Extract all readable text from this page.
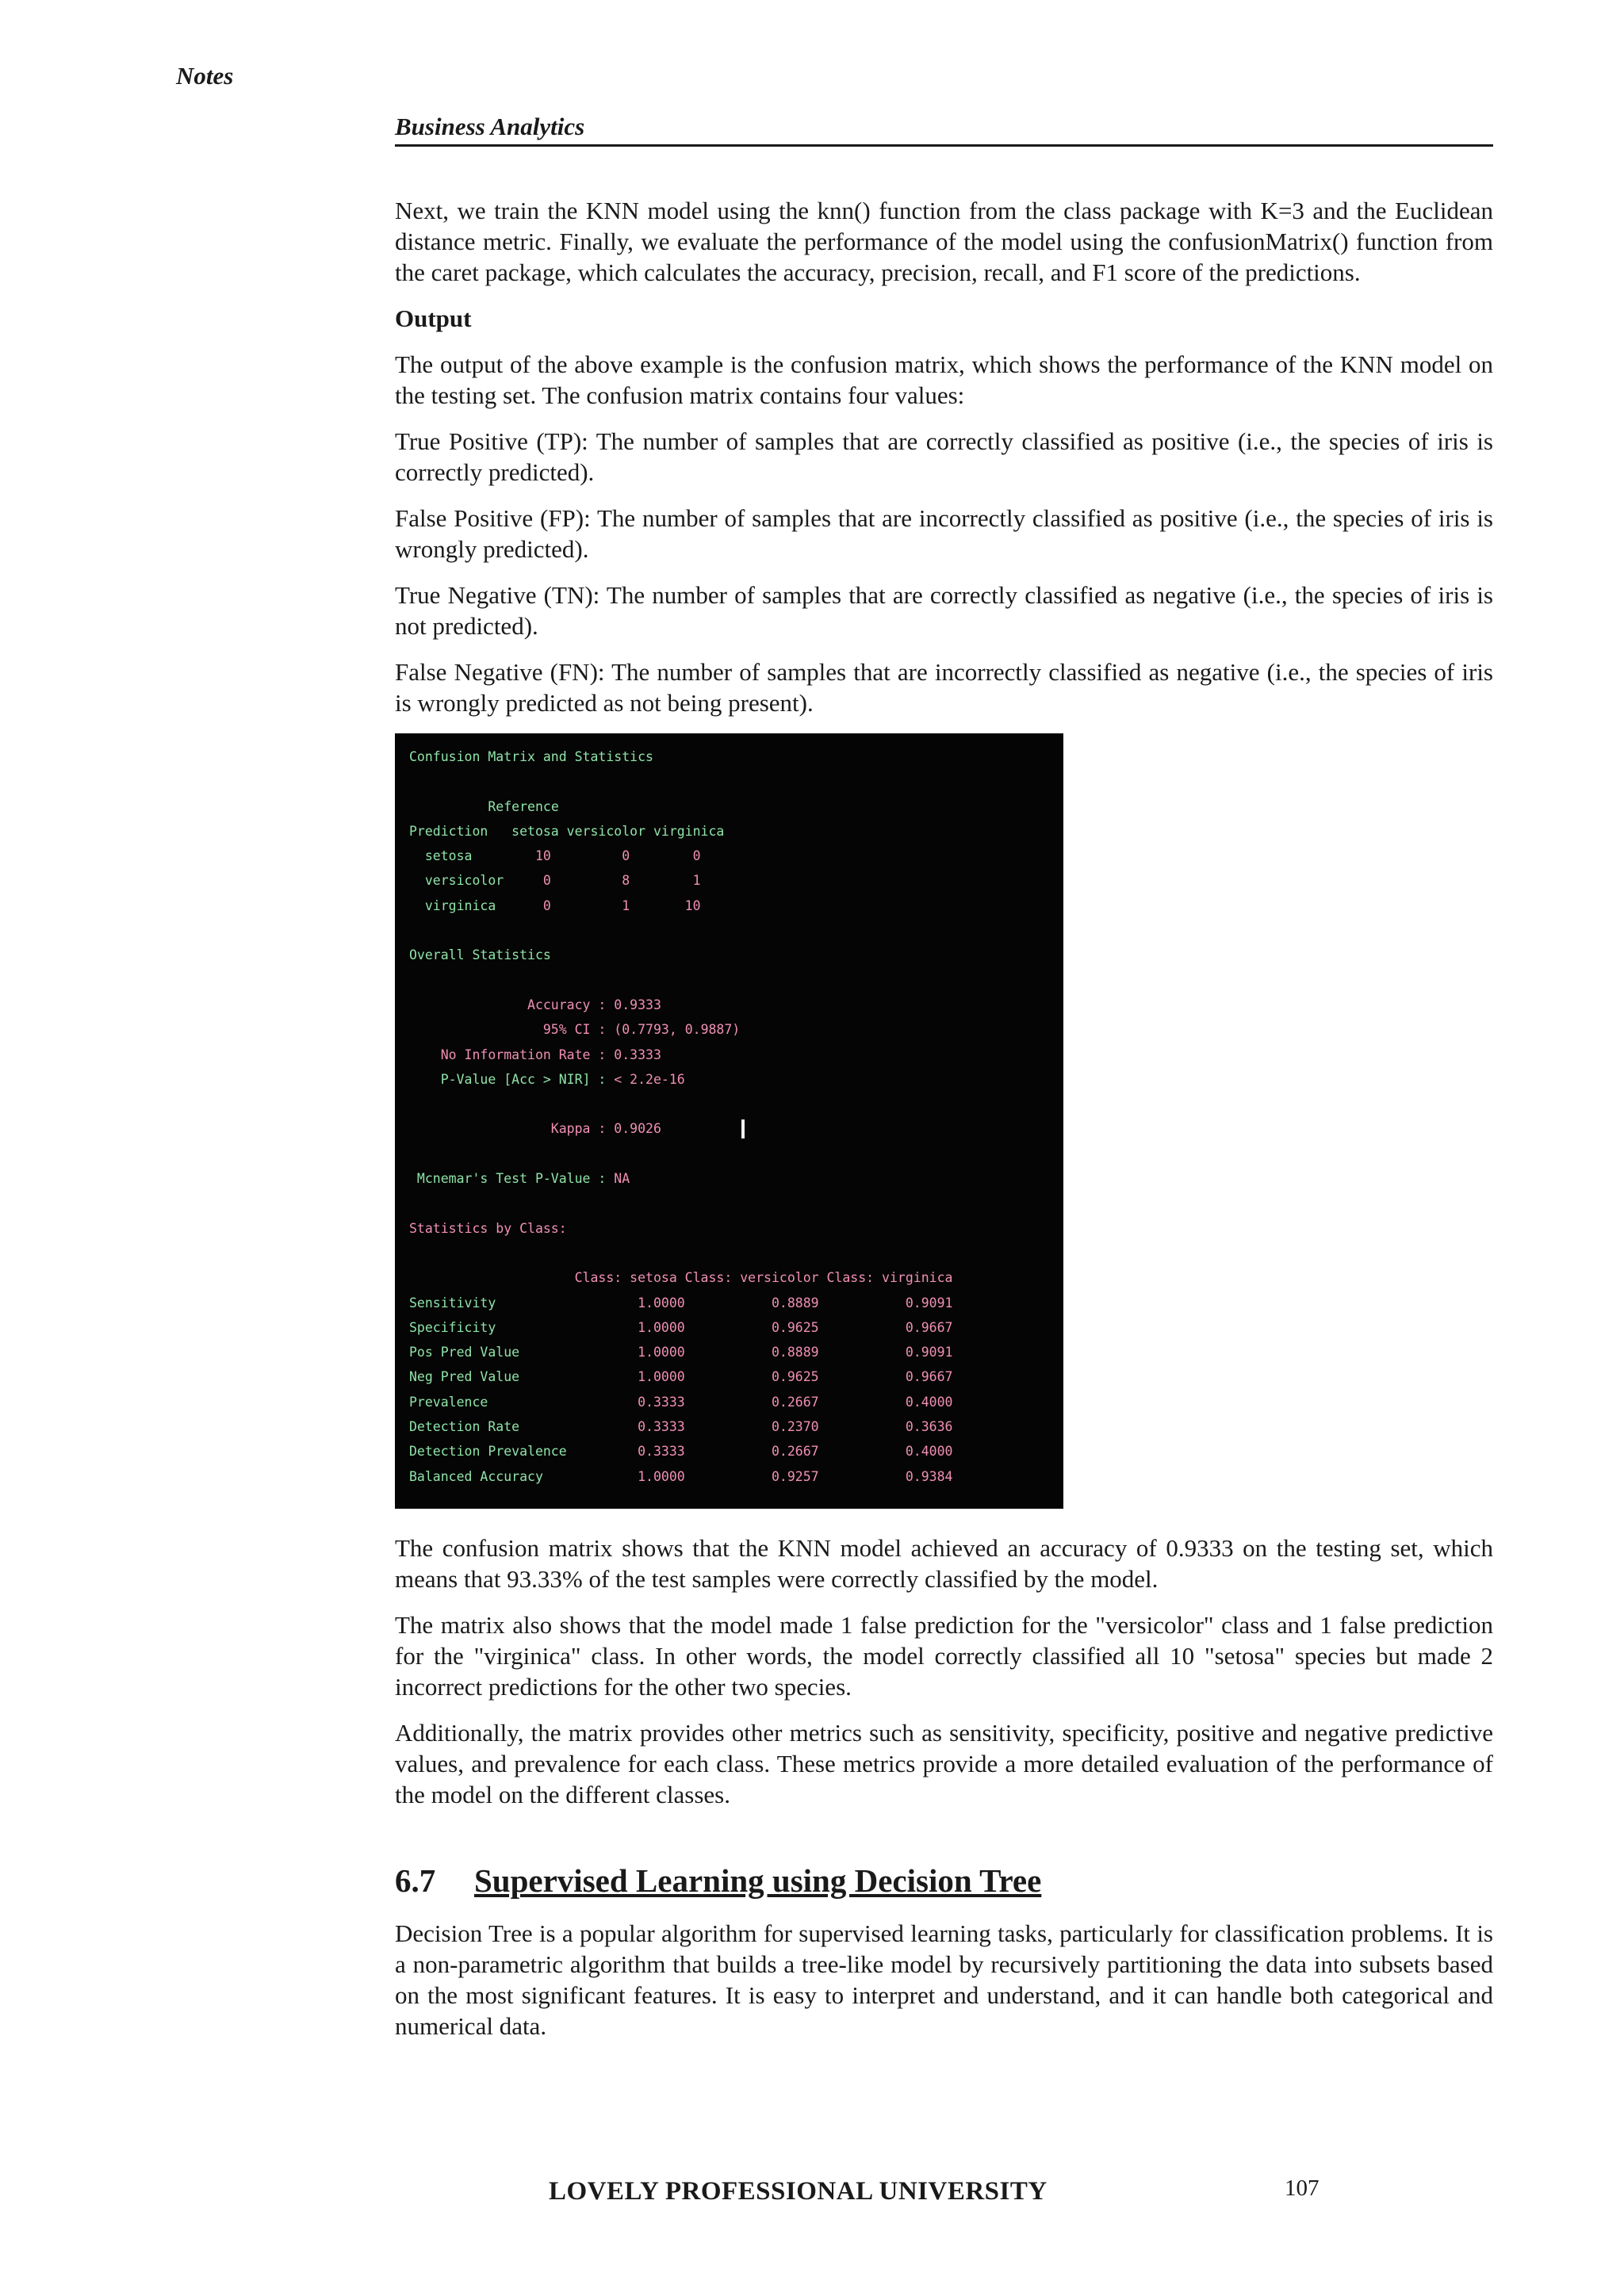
Notes
Business Analytics

Next, we train the KNN model using the knn() function from the class package with K=3 and the Euclidean distance metric. Finally, we evaluate the performance of the model using the confusionMatrix() function from the caret package, which calculates the accuracy, precision, recall, and F1 score of the predictions.

Output

The output of the above example is the confusion matrix, which shows the performance of the KNN model on the testing set. The confusion matrix contains four values:

True Positive (TP): The number of samples that are correctly classified as positive (i.e., the species of iris is correctly predicted).

False Positive (FP): The number of samples that are incorrectly classified as positive (i.e., the species of iris is wrongly predicted).

True Negative (TN): The number of samples that are correctly classified as negative (i.e., the species of iris is not predicted).

False Negative (FN): The number of samples that are incorrectly classified as negative (i.e., the species of iris is wrongly predicted as not being present).

Confusion Matrix and Statistics
Reference
Prediction   setosa versicolor virginica
setosa        10         0        0
versicolor     0         8        1
virginica      0         1       10
Overall Statistics
Accuracy : 0.9333
95% CI : (0.7793, 0.9887)
No Information Rate : 0.3333
P-Value [Acc > NIR] : < 2.2e-16
Kappa : 0.9026
Mcnemar's Test P-Value : NA
Statistics by Class:
Class: setosa Class: versicolor Class: virginica
Sensitivity                  1.0000           0.8889           0.9091
Specificity                  1.0000           0.9625           0.9667
Pos Pred Value               1.0000           0.8889           0.9091
Neg Pred Value               1.0000           0.9625           0.9667
Prevalence                   0.3333           0.2667           0.4000
Detection Rate               0.3333           0.2370           0.3636
Detection Prevalence         0.3333           0.2667           0.4000
Balanced Accuracy            1.0000           0.9257           0.9384

The confusion matrix shows that the KNN model achieved an accuracy of 0.9333 on the testing set, which means that 93.33% of the test samples were correctly classified by the model.

The matrix also shows that the model made 1 false prediction for the "versicolor" class and 1 false prediction for the "virginica" class. In other words, the model correctly classified all 10 "setosa" species but made 2 incorrect predictions for the other two species.

Additionally, the matrix provides other metrics such as sensitivity, specificity, positive and negative predictive values, and prevalence for each class. These metrics provide a more detailed evaluation of the performance of the model on the different classes.

6.7 Supervised Learning using Decision Tree

Decision Tree is a popular algorithm for supervised learning tasks, particularly for classification problems. It is a non-parametric algorithm that builds a tree-like model by recursively partitioning the data into subsets based on the most significant features. It is easy to interpret and understand, and it can handle both categorical and numerical data.

LOVELY PROFESSIONAL UNIVERSITY	107
